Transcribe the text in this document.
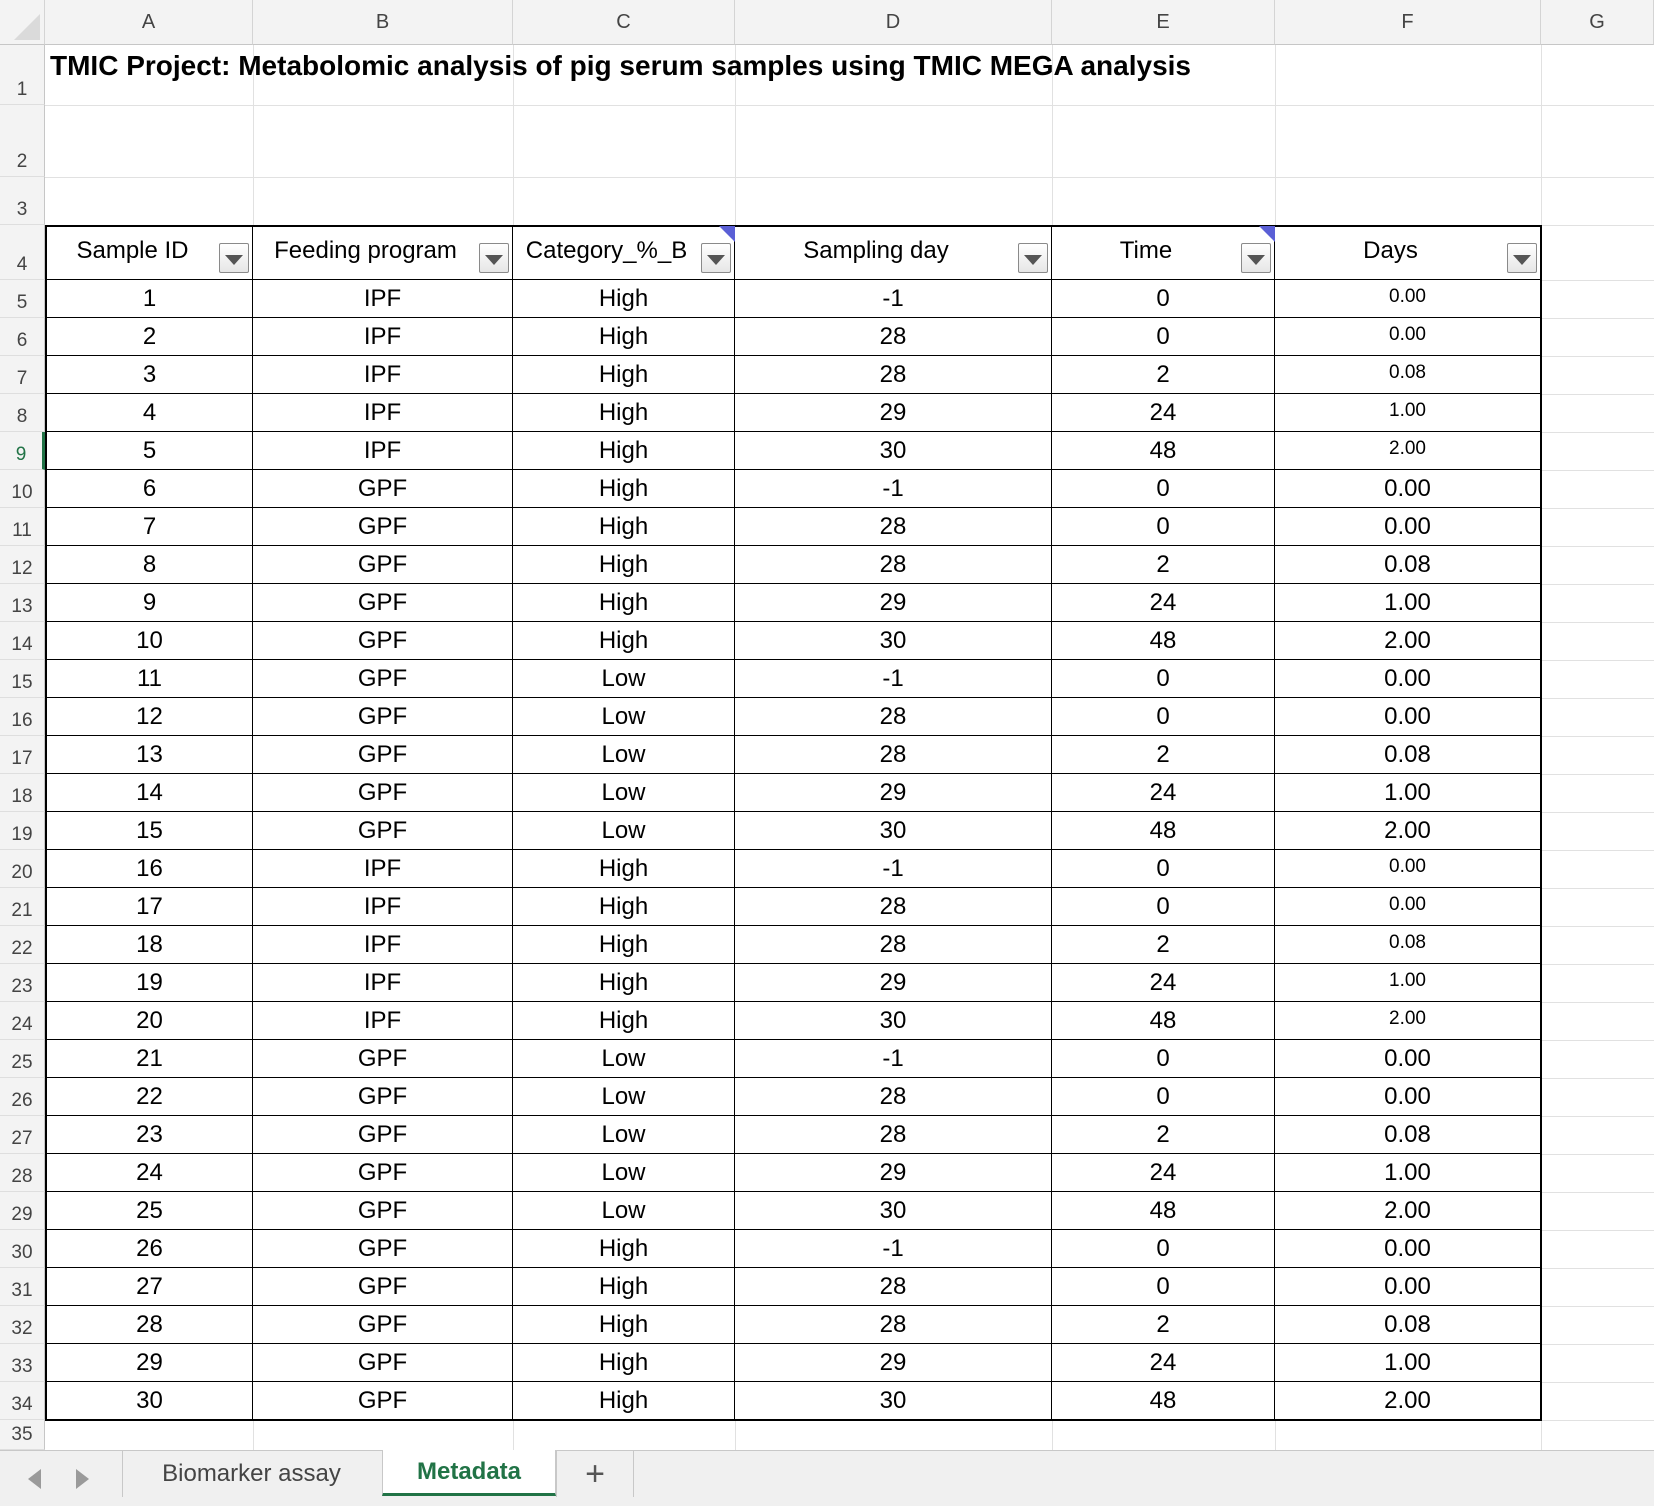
A	B	C	D	E	F	G
1
2
3
4
5
6
7
8
9
10
11
12
13
14
15
16
17
18
19
20
21
22
23
24
25
26
27
28
29
30
31
32
33
34
35
TMIC Project: Metabolomic analysis of pig serum samples using TMIC MEGA analysis
Sample ID	Feeding program	Category_%_B	Sampling day	Time	Days
1	IPF	High	-1	0	0.00
2	IPF	High	28	0	0.00
3	IPF	High	28	2	0.08
4	IPF	High	29	24	1.00
5	IPF	High	30	48	2.00
6	GPF	High	-1	0	0.00
7	GPF	High	28	0	0.00
8	GPF	High	28	2	0.08
9	GPF	High	29	24	1.00
10	GPF	High	30	48	2.00
11	GPF	Low	-1	0	0.00
12	GPF	Low	28	0	0.00
13	GPF	Low	28	2	0.08
14	GPF	Low	29	24	1.00
15	GPF	Low	30	48	2.00
16	IPF	High	-1	0	0.00
17	IPF	High	28	0	0.00
18	IPF	High	28	2	0.08
19	IPF	High	29	24	1.00
20	IPF	High	30	48	2.00
21	GPF	Low	-1	0	0.00
22	GPF	Low	28	0	0.00
23	GPF	Low	28	2	0.08
24	GPF	Low	29	24	1.00
25	GPF	Low	30	48	2.00
26	GPF	High	-1	0	0.00
27	GPF	High	28	0	0.00
28	GPF	High	28	2	0.08
29	GPF	High	29	24	1.00
30	GPF	High	30	48	2.00
Biomarker assay	Metadata +
